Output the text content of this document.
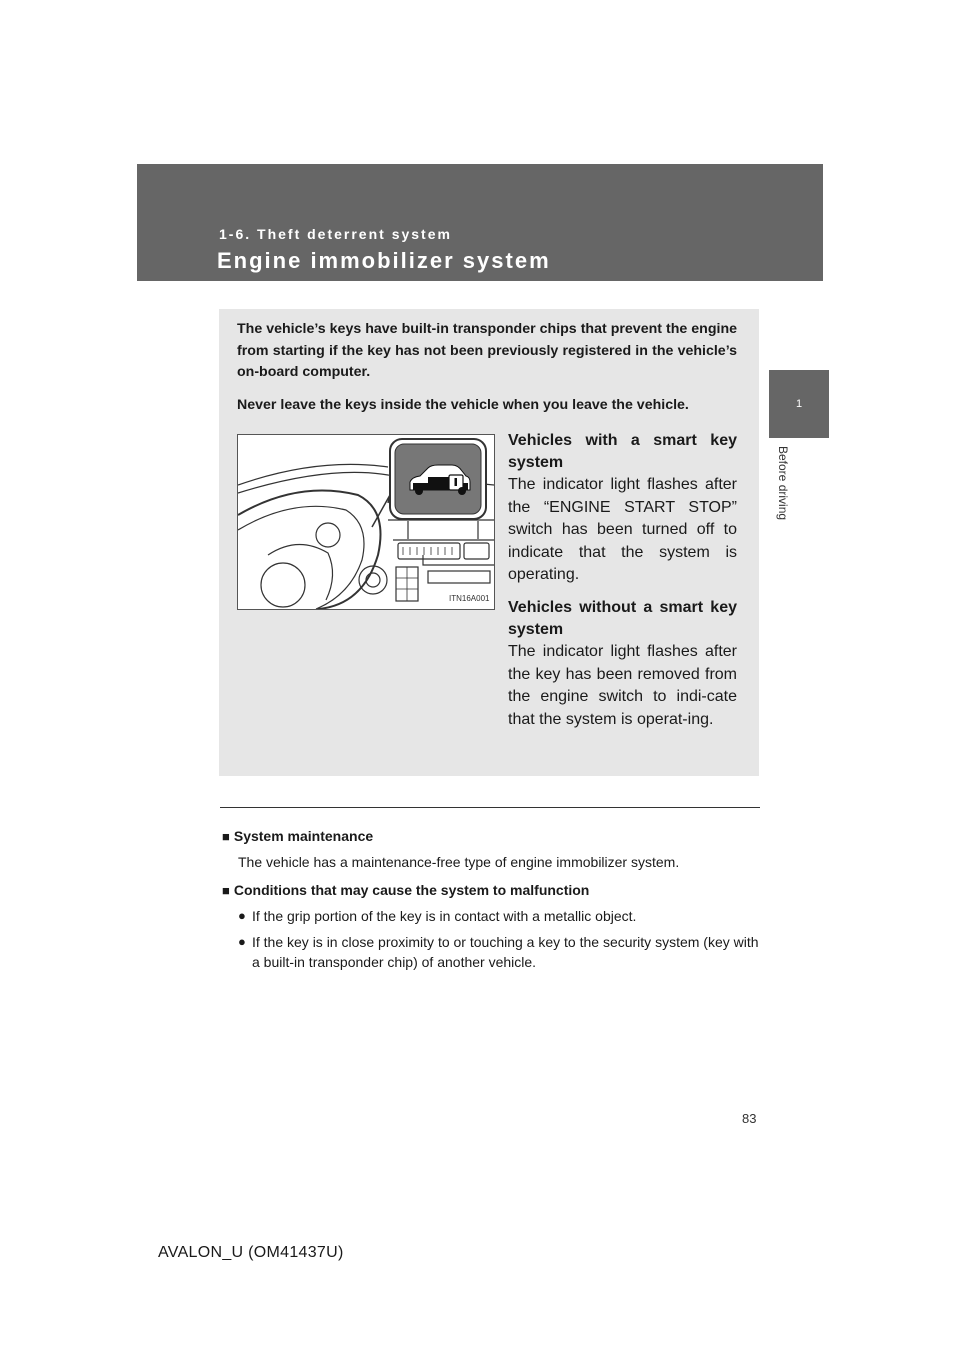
1-6. Theft deterrent system
Engine immobilizer system
1
Before driving

The vehicle’s keys have built-in transponder chips that prevent the engine from starting if the key has not been previously registered in the vehicle’s on-board computer.

Never leave the keys inside the vehicle when you leave the vehicle.

ITN16A001

Vehicles with a smart key system

The indicator light flashes after the “ENGINE START STOP” switch has been turned off to indicate that the system is operating.

Vehicles without a smart key system

The indicator light flashes after the key has been removed from the engine switch to indi-cate that the system is operat-ing.

■ System maintenance

The vehicle has a maintenance-free type of engine immobilizer system.

■ Conditions that may cause the system to malfunction

● If the grip portion of the key is in contact with a metallic object.
● If the key is in close proximity to or touching a key to the security system (key with a built-in transponder chip) of another vehicle.
83
AVALON_U (OM41437U)
